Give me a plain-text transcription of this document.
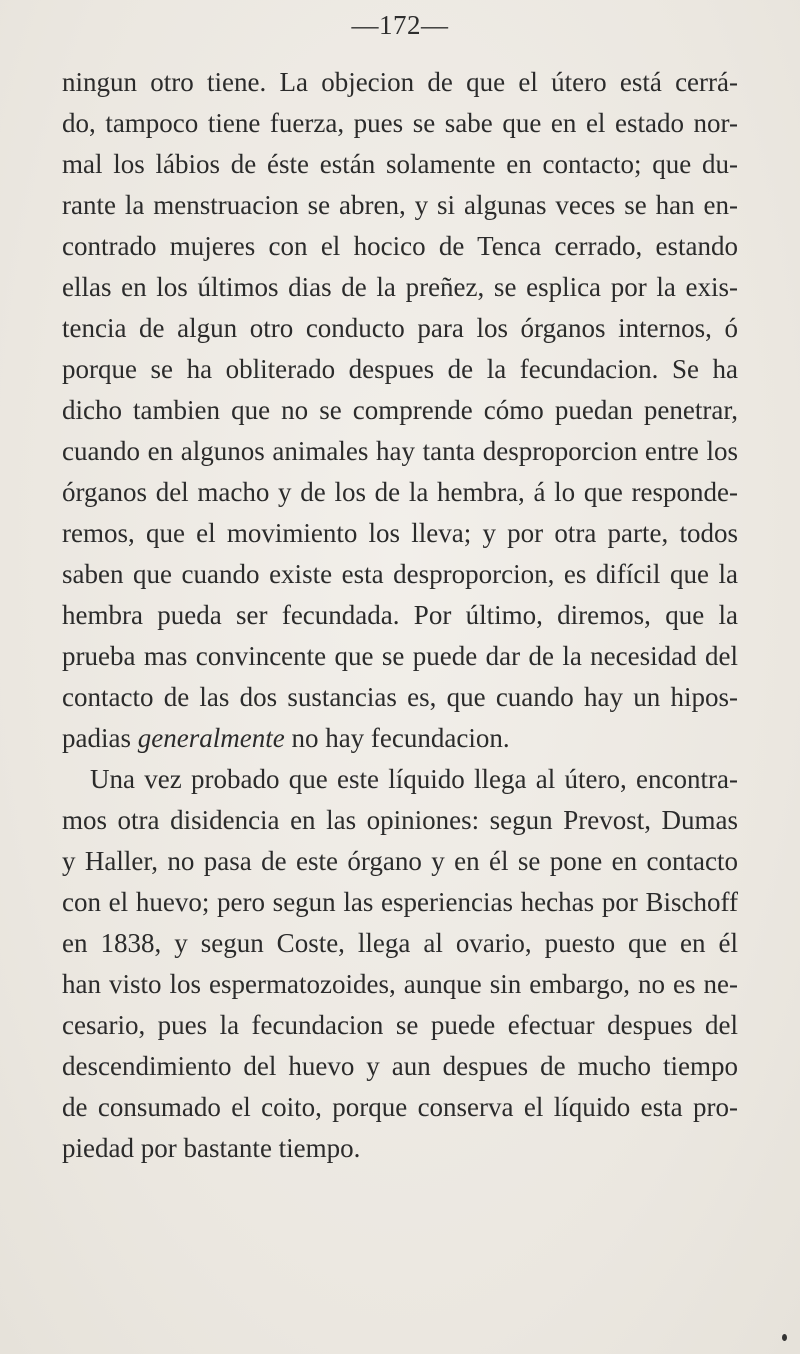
—172—
ningun otro tiene. La objecion de que el útero está cerrá-
do, tampoco tiene fuerza, pues se sabe que en el estado nor-
mal los lábios de éste están solamente en contacto; que du-
rante la menstruacion se abren, y si algunas veces se han en-
contrado mujeres con el hocico de Tenca cerrado, estando
ellas en los últimos dias de la preñez, se esplica por la exis-
tencia de algun otro conducto para los órganos internos, ó
porque se ha obliterado despues de la fecundacion. Se ha
dicho tambien que no se comprende cómo puedan penetrar,
cuando en algunos animales hay tanta desproporcion entre los
órganos del macho y de los de la hembra, á lo que responde-
remos, que el movimiento los lleva; y por otra parte, todos
saben que cuando existe esta desproporcion, es difícil que la
hembra pueda ser fecundada. Por último, diremos, que la
prueba mas convincente que se puede dar de la necesidad del
contacto de las dos sustancias es, que cuando hay un hipos-
padias generalmente no hay fecundacion.
Una vez probado que este líquido llega al útero, encontra-
mos otra disidencia en las opiniones: segun Prevost, Dumas
y Haller, no pasa de este órgano y en él se pone en contacto
con el huevo; pero segun las esperiencias hechas por Bischoff
en 1838, y segun Coste, llega al ovario, puesto que en él
han visto los espermatozoides, aunque sin embargo, no es ne-
cesario, pues la fecundacion se puede efectuar despues del
descendimiento del huevo y aun despues de mucho tiempo
de consumado el coito, porque conserva el líquido esta pro-
piedad por bastante tiempo.
